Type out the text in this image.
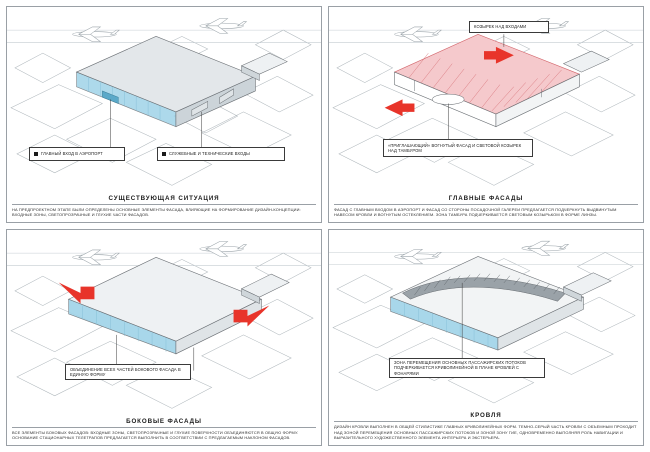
ГЛАВНЫЙ ВХОД В АЭРОПОРТ	СЛУЖЕБНЫЕ И ТЕХНИЧЕСКИЕ ВХОДЫ
СУЩЕСТВУЮЩАЯ СИТУАЦИЯ
НА ПРЕДПРОЕКТНОМ ЭТАПЕ БЫЛИ ОПРЕДЕЛЕНЫ ОСНОВНЫЕ ЭЛЕМЕНТЫ ФАСАДА, ВЛИЯЮЩИЕ НА ФОРМИРОВАНИЕ ДИЗАЙН-КОНЦЕПЦИИ: ВХОДНЫЕ ЗОНЫ, СВЕТОПРОЗРАЧНЫЕ И ГЛУХИЕ ЧАСТИ ФАСАДОВ.
КОЗЫРЕК НАД ВХОДАМИ
«ПРИГЛАШАЮЩИЙ» ВОГНУТЫЙ ФАСАД И СВЕТОВОЙ КОЗЫРЕК НАД ТАМБУРОМ
ГЛАВНЫЕ ФАСАДЫ
ФАСАД С ГЛАВНЫМ ВХОДОМ В АЭРОПОРТ И ФАСАД СО СТОРОНЫ ПОСАДОЧНОЙ ГАЛЕРЕИ ПРЕДЛАГАЕТСЯ ПОДЧЕРКНУТЬ ВЫДВИНУТЫМ НАВЕСОМ КРОВЛИ И ВОГНУТЫМ ОСТЕКЛЕНИЕМ. ЗОНА ТАМБУРА ПОДЧЕРКИВАЕТСЯ СВЕТОВЫМ КОЗЫРЬКОМ В ФОРМЕ ЛИНЗЫ.
ОБЪЕДИНЕНИЕ ВСЕХ ЧАСТЕЙ БОКОВОГО ФАСАДА В ЕДИНУЮ ФОРМУ
БОКОВЫЕ ФАСАДЫ
ВСЕ ЭЛЕМЕНТЫ БОКОВЫХ ФАСАДОВ: ВХОДНЫЕ ЗОНЫ, СВЕТОПРОЗРАЧНЫЕ И ГЛУХИЕ ПОВЕРХНОСТИ ОБЪЕДИНЯЮТСЯ В ОБЩУЮ ФОРМУ. ОСНОВАНИЕ СТАЦИОНАРНЫХ ТЕЛЕТРАПОВ ПРЕДЛАГАЕТСЯ ВЫПОЛНИТЬ В СООТВЕТСТВИИ С ПРЕДЛАГАЕМЫМ НАКЛОНОМ ФАСАДОВ.
ЗОНА ПЕРЕМЕЩЕНИЯ ОСНОВНЫХ ПАССАЖИРСКИХ ПОТОКОВ ПОДЧЕРКИВАЕТСЯ КРИВОЛИНЕЙНОЙ В ПЛАНЕ КРОВЛЕЙ С ФОНАРЯМИ
КРОВЛЯ
ДИЗАЙН КРОВЛИ ВЫПОЛНЕН В ОБЩЕЙ СТИЛИСТИКЕ ГЛАВНЫХ КРИВОЛИНЕЙНЫХ ФОРМ. ТЕМНО-СЕРЫЙ ЧАСТЬ КРОВЛИ С ОБЪЕМНЫМ ПРОХОДИТ НАД ЗОНОЙ ПЕРЕМЕЩЕНИЯ ОСНОВНЫХ ПАССАЖИРСКИХ ПОТОКОВ И ЗОНОЙ ЗОНУ ГИЕ, ОДНОВРЕМЕННО ВЫПОЛНЯЯ РОЛЬ НАВИГАЦИИ И ВЫРАЗИТЕЛЬНОГО ХУДОЖЕСТВЕННОГО ЭЛЕМЕНТА ИНТЕРЬЕРА И ЭКСТЕРЬЕРА.
